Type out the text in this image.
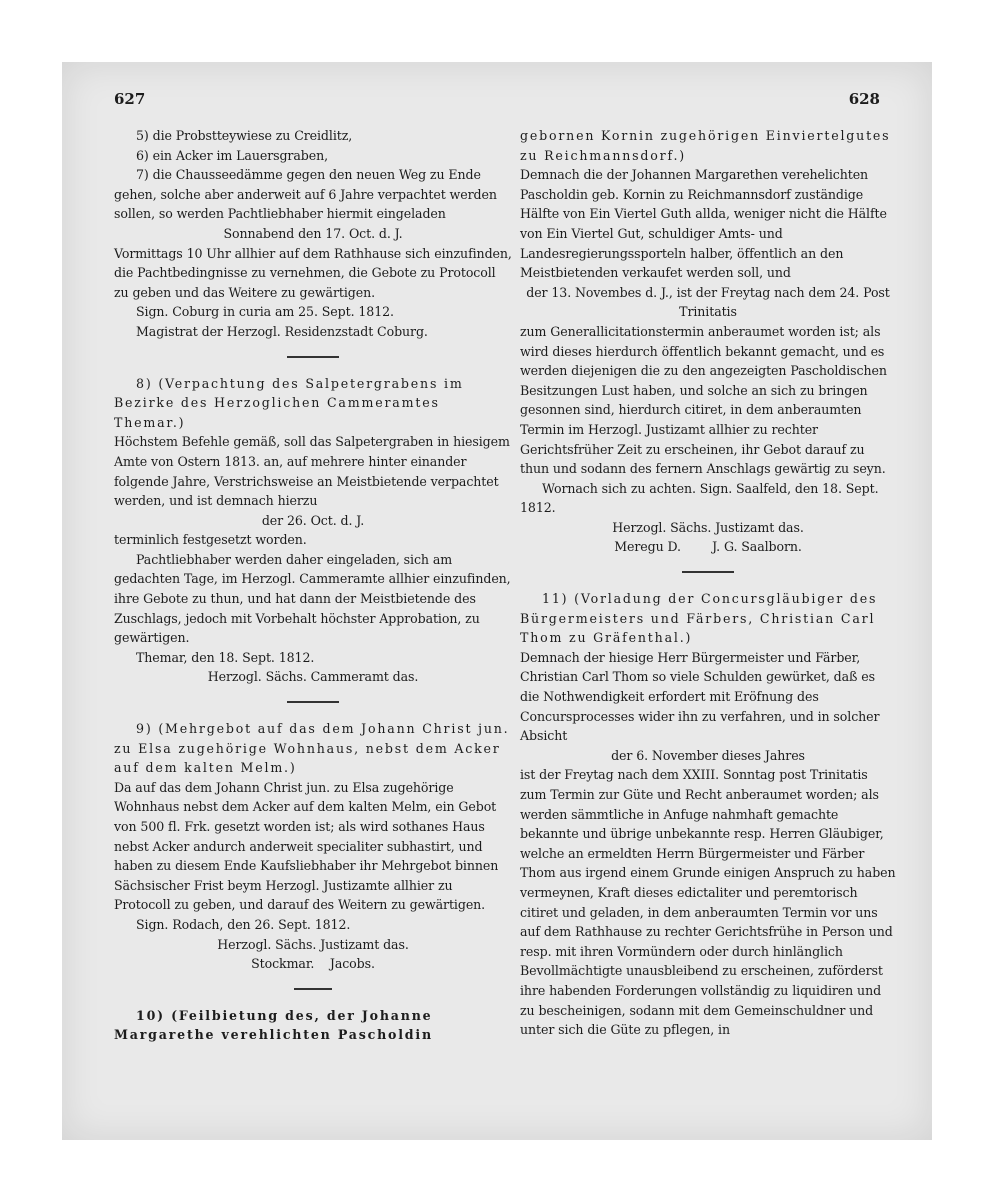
627	628

5) die Probstteywiese zu Creidlitz,

6) ein Acker im Lauersgraben,

7) die Chausseedämme gegen den neuen Weg zu Ende gehen, solche aber anderweit auf 6 Jahre verpachtet werden sollen, so werden Pachtliebhaber hiermit eingeladen

Sonnabend den 17. Oct. d. J.

Vormittags 10 Uhr allhier auf dem Rathhause sich einzufinden, die Pachtbedingnisse zu vernehmen, die Gebote zu Protocoll zu geben und das Weitere zu gewärtigen.

Sign. Coburg in curia am 25. Sept. 1812.

Magistrat der Herzogl. Residenzstadt Coburg.

8) (Verpachtung des Salpetergrabens im Bezirke des Herzoglichen Cammeramtes Themar.)

Höchstem Befehle gemäß, soll das Salpetergraben in hiesigem Amte von Ostern 1813. an, auf mehrere hinter einander folgende Jahre, Verstrichsweise an Meistbietende verpachtet werden, und ist demnach hierzu

der 26. Oct. d. J.

terminlich festgesetzt worden.

Pachtliebhaber werden daher eingeladen, sich am gedachten Tage, im Herzogl. Cammeramte allhier einzufinden, ihre Gebote zu thun, und hat dann der Meistbietende des Zuschlags, jedoch mit Vorbehalt höchster Approbation, zu gewärtigen.

Themar, den 18. Sept. 1812.

Herzogl. Sächs. Cammeramt das.

9) (Mehrgebot auf das dem Johann Christ jun. zu Elsa zugehörige Wohnhaus, nebst dem Acker auf dem kalten Melm.)

Da auf das dem Johann Christ jun. zu Elsa zugehörige Wohnhaus nebst dem Acker auf dem kalten Melm, ein Gebot von 500 fl. Frk. gesetzt worden ist; als wird sothanes Haus nebst Acker andurch anderweit specialiter subhastirt, und haben zu diesem Ende Kaufsliebhaber ihr Mehrgebot binnen Sächsischer Frist beym Herzogl. Justizamte allhier zu Protocoll zu geben, und darauf des Weitern zu gewärtigen.

Sign. Rodach, den 26. Sept. 1812.

Herzogl. Sächs. Justizamt das.

Stockmar.    Jacobs.

10) (Feilbietung des, der Johanne Margarethe verehlichten Pascholdin

gebornen Kornin zugehörigen Einviertelgutes zu Reichmannsdorf.)

Demnach die der Johannen Margarethen verehelichten Pascholdin geb. Kornin zu Reichmannsdorf zuständige Hälfte von Ein Viertel Guth allda, weniger nicht die Hälfte von Ein Viertel Gut, schuldiger Amts- und Landesregierungssporteln halber, öffentlich an den Meistbietenden verkaufet werden soll, und

der 13. Novembes d. J., ist der Freytag nach dem 24. Post Trinitatis

zum Generallicitationstermin anberaumet worden ist; als wird dieses hierdurch öffentlich bekannt gemacht, und es werden diejenigen die zu den angezeigten Pascholdischen Besitzungen Lust haben, und solche an sich zu bringen gesonnen sind, hierdurch citiret, in dem anberaumten Termin im Herzogl. Justizamt allhier zu rechter Gerichtsfrüher Zeit zu erscheinen, ihr Gebot darauf zu thun und sodann des fernern Anschlags gewärtig zu seyn.

Wornach sich zu achten. Sign. Saalfeld, den 18. Sept. 1812.

Herzogl. Sächs. Justizamt das.

Meregu D.        J. G. Saalborn.

11) (Vorladung der Concursgläubiger des Bürgermeisters und Färbers, Christian Carl Thom zu Gräfenthal.)

Demnach der hiesige Herr Bürgermeister und Färber, Christian Carl Thom so viele Schulden gewürket, daß es die Nothwendigkeit erfordert mit Eröfnung des Concursprocesses wider ihn zu verfahren, und in solcher Absicht

der 6. November dieses Jahres

ist der Freytag nach dem XXIII. Sonntag post Trinitatis zum Termin zur Güte und Recht anberaumet worden; als werden sämmtliche in Anfuge nahmhaft gemachte bekannte und übrige unbekannte resp. Herren Gläubiger, welche an ermeldten Herrn Bürgermeister und Färber Thom aus irgend einem Grunde einigen Anspruch zu haben vermeynen, Kraft dieses edictaliter und peremtorisch citiret und geladen, in dem anberaumten Termin vor uns auf dem Rathhause zu rechter Gerichtsfrühe in Person und resp. mit ihren Vormündern oder durch hinlänglich Bevollmächtigte unausbleibend zu erscheinen, zuförderst ihre habenden Forderungen vollständig zu liquidiren und zu bescheinigen, sodann mit dem Gemeinschuldner und unter sich die Güte zu pflegen, in
